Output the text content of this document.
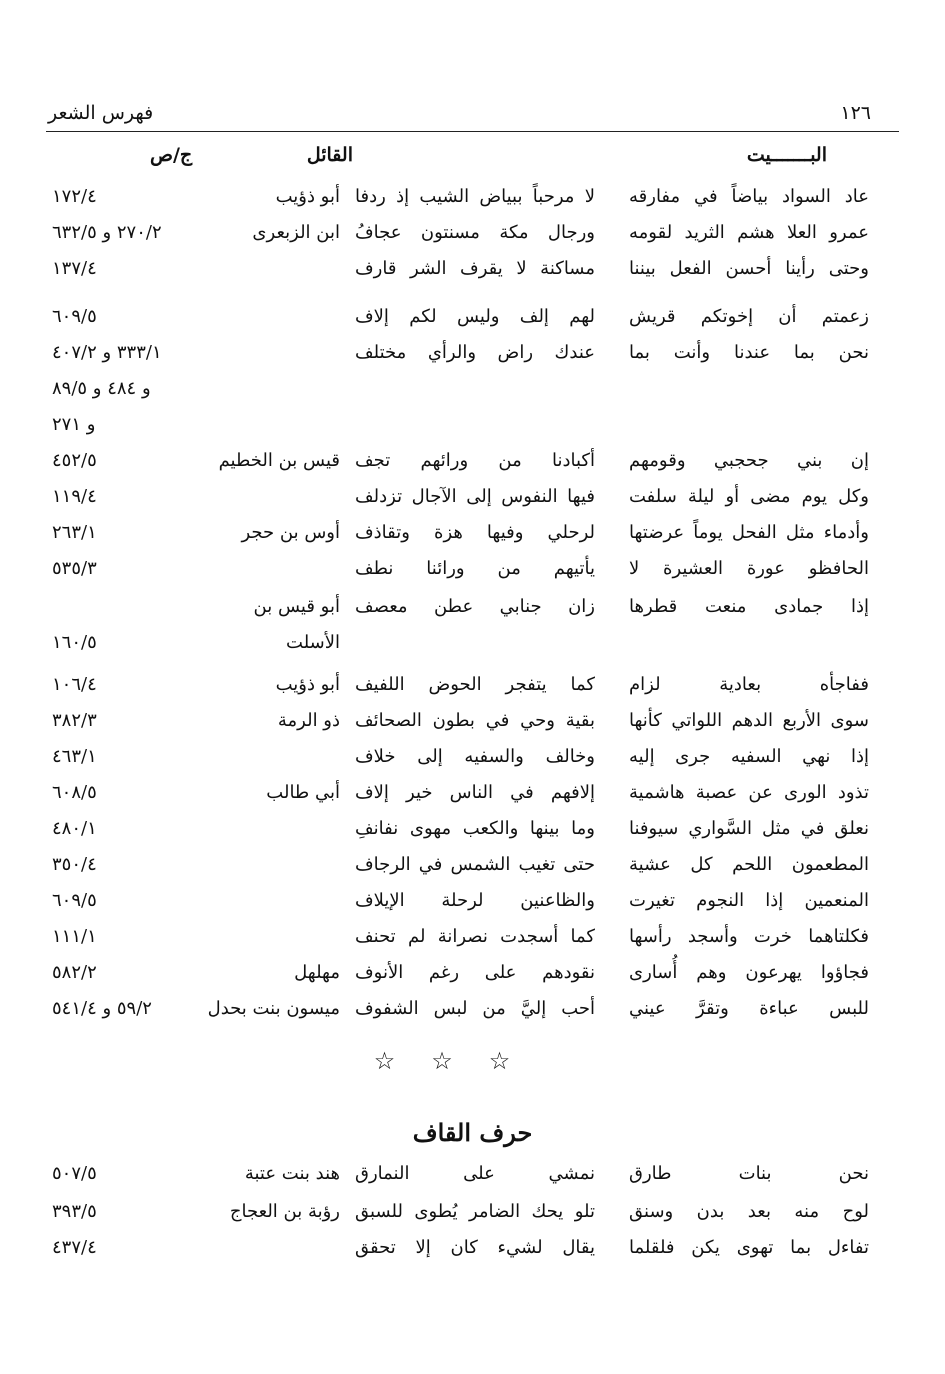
١٢٦
فهرس الشعر
البـــــــيت
القائل
ج/ص
عاد السواد بياضاً في مفارقه
لا مرحباً ببياض الشيب إذ ردفا
أبو ذؤيب
١٧٢/٤
عمرو العلا هشم الثريد لقومه
ورجال مكة مسنتون عجافُ
ابن الزبعرى
٢٧٠/٢ و ٦٣٢/٥
وحتى رأينا أحسن الفعل بيننا
مساكنة لا يقرف الشر قارف
١٣٧/٤
زعمتم أن إخوتكم قريش
لهم إلف وليس لكم إلاف
٦٠٩/٥
نحن بما عندنا وأنت بما
عندك راض والرأي مختلف
٣٣٣/١ و ٤٠٧/٢
و ٤٨٤ و ٨٩/٥
و ٢٧١
إن بني جحجبي وقومهم
أكبادنا من ورائهم تجف
قيس بن الخطيم
٤٥٢/٥
وكل يوم مضى أو ليلة سلفت
فيها النفوس إلى الآجال تزدلف
١١٩/٤
وأدماء مثل الفحل يوماً عرضتها
لرحلي وفيها هزة وتقاذف
أوس بن حجر
٢٦٣/١
الحافظو عورة العشيرة لا
يأتيهم من ورائنا نطف
٥٣٥/٣
إذا جمادى منعت قطرها
زان جنابي عطن معصف
أبو قيس بن
الأسلت
١٦٠/٥
ففاجأه بعادية لزام
كما يتفجر الحوض اللفيف
أبو ذؤيب
١٠٦/٤
سوى الأربع الدهم اللواتي كأنها
بقية وحي في بطون الصحائف
ذو الرمة
٣٨٢/٣
إذا نهي السفيه جرى إليه
وخالف والسفيه إلى خلاف
٤٦٣/١
تذود الورى عن عصبة هاشمية
إلافهم في الناس خير إلاف
أبي طالب
٦٠٨/٥
نعلق في مثل السَّواري سيوفنا
وما بينها والكعب مهوى نفانفِ
٤٨٠/١
المطعمون اللحم كل عشية
حتى تغيب الشمس في الرجاف
٣٥٠/٤
المنعمين إذا النجوم تغيرت
والظاعنين لرحلة الإيلاف
٦٠٩/٥
فكلتاهما خرت وأسجد رأسها
كما أسجدت نصرانة لم تحنف
١١١/١
فجاؤوا يهرعون وهم أُسارى
نقودهم على رغم الأنوف
مهلهل
٥٨٢/٢
للبس عباءة وتقرَّ عيني
أحب إليَّ من لبس الشفوف
ميسون بنت بحدل
٥٩/٢ و ٥٤١/٤
☆☆☆
حرف القاف
نحن بنات طارق
نمشي على النمارق
هند بنت عتبة
٥٠٧/٥
لوح منه بعد بدن وسنق
تلو يحك الضامر يُطوى للسبق
رؤبة بن العجاج
٣٩٣/٥
تفاءل بما تهوى يكن فلقلما
يقال لشيء كان إلا تحقق
٤٣٧/٤
